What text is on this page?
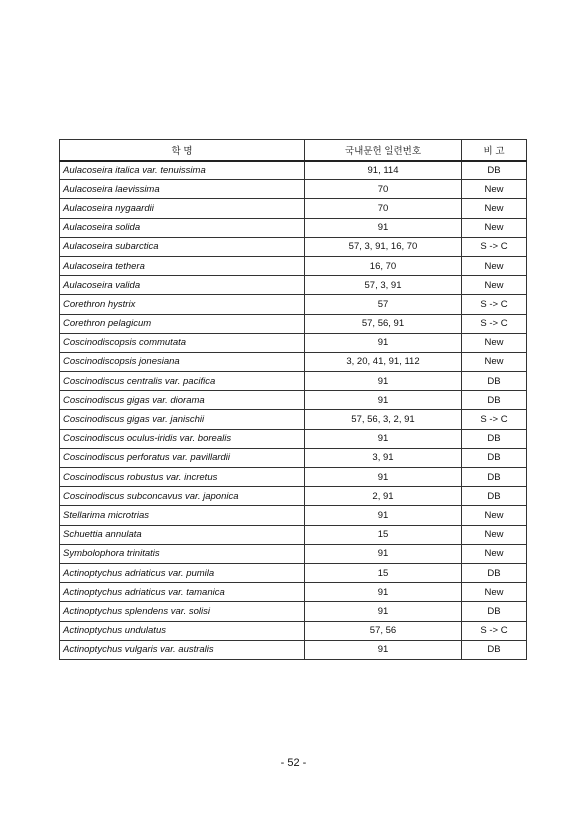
학 명	국내문헌 일련번호	비 고
Aulacoseira italica var. tenuissima	91, 114	DB
Aulacoseira laevissima	70	New
Aulacoseira nygaardii	70	New
Aulacoseira solida	91	New
Aulacoseira subarctica	57, 3, 91, 16, 70	S -> C
Aulacoseira tethera	16, 70	New
Aulacoseira valida	57, 3, 91	New
Corethron hystrix	57	S -> C
Corethron pelagicum	57, 56, 91	S -> C
Coscinodiscopsis commutata	91	New
Coscinodiscopsis jonesiana	3, 20, 41, 91, 112	New
Coscinodiscus centralis var. pacifica	91	DB
Coscinodiscus gigas var. diorama	91	DB
Coscinodiscus gigas var. janischii	57, 56, 3, 2, 91	S -> C
Coscinodiscus oculus-iridis var. borealis	91	DB
Coscinodiscus perforatus var. pavillardii	3, 91	DB
Coscinodiscus robustus var. incretus	91	DB
Coscinodiscus subconcavus var. japonica	2, 91	DB
Stellarima microtrias	91	New
Schuettia annulata	15	New
Symbolophora trinitatis	91	New
Actinoptychus adriaticus var. pumila	15	DB
Actinoptychus adriaticus var. tamanica	91	New
Actinoptychus splendens var. solisi	91	DB
Actinoptychus undulatus	57, 56	S -> C
Actinoptychus vulgaris var. australis	91	DB
- 52 -
